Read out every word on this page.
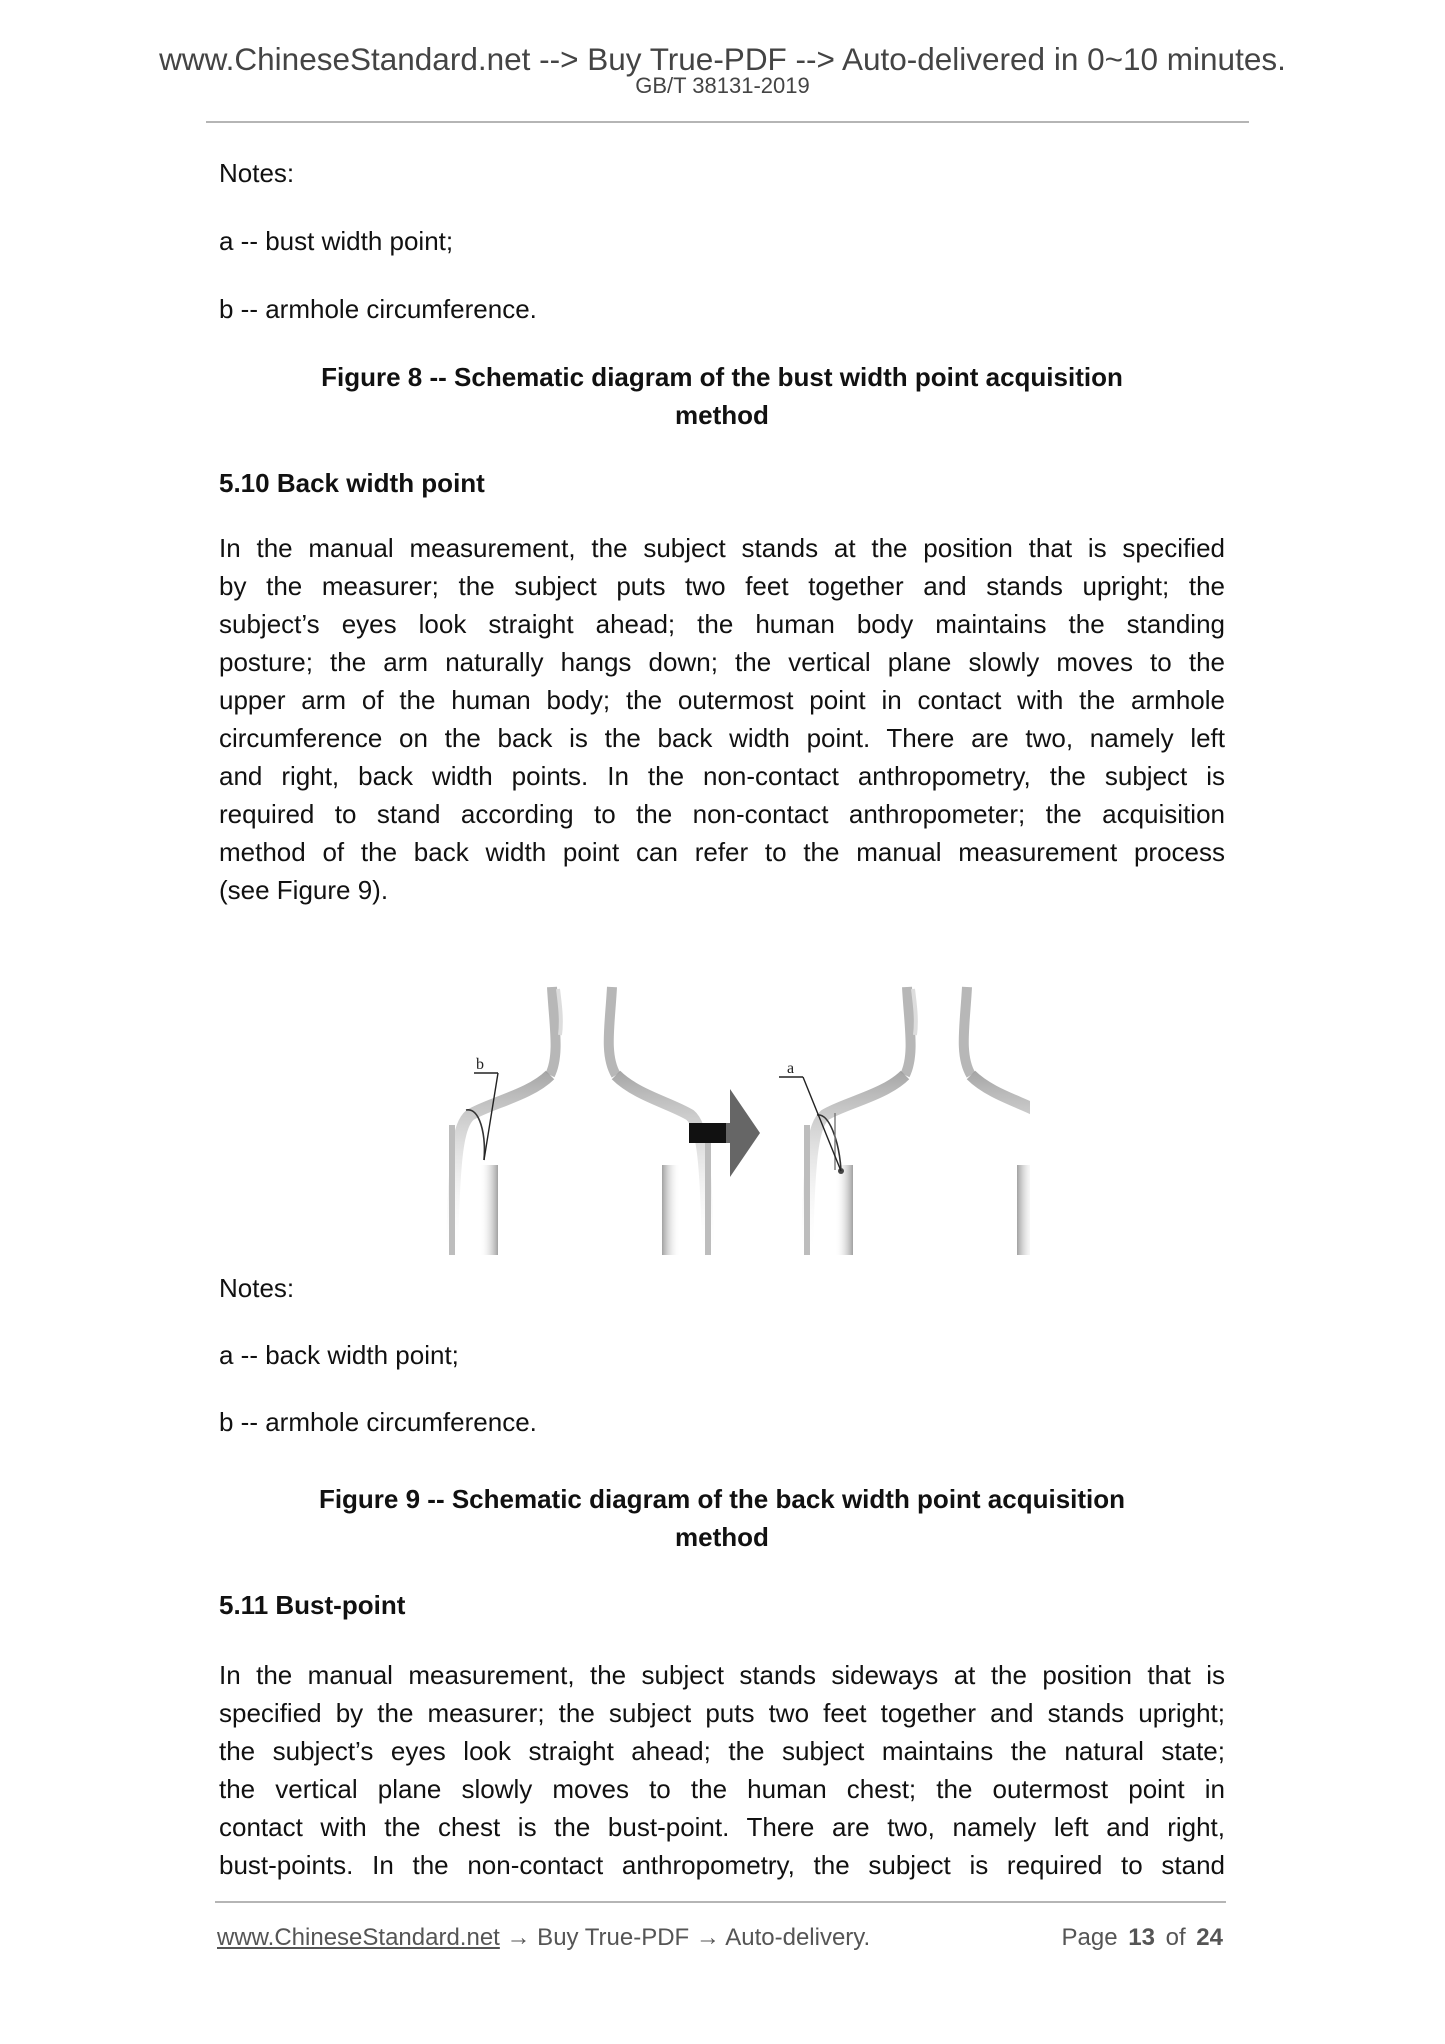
www.ChineseStandard.net --> Buy True-PDF --> Auto-delivered in 0~10 minutes.
GB/T 38131-2019
Notes:
a -- bust width point;
b -- armhole circumference.
Figure 8 -- Schematic diagram of the bust width point acquisition
method
5.10 Back width point
In the manual measurement, the subject stands at the position that is specified
by the measurer; the subject puts two feet together and stands upright; the
subject’s eyes look straight ahead; the human body maintains the standing
posture; the arm naturally hangs down; the vertical plane slowly moves to the
upper arm of the human body; the outermost point in contact with the armhole
circumference on the back is the back width point. There are two, namely left
and right, back width points. In the non-contact anthropometry, the subject is
required to stand according to the non-contact anthropometer; the acquisition
method of the back width point can refer to the manual measurement process
(see Figure 9).
b	a
Notes:
a -- back width point;
b -- armhole circumference.
Figure 9 -- Schematic diagram of the back width point acquisition
method
5.11 Bust-point
In the manual measurement, the subject stands sideways at the position that is
specified by the measurer; the subject puts two feet together and stands upright;
the subject’s eyes look straight ahead; the subject maintains the natural state;
the vertical plane slowly moves to the human chest; the outermost point in
contact with the chest is the bust-point. There are two, namely left and right,
bust-points. In the non-contact anthropometry, the subject is required to stand
www.ChineseStandard.net → Buy True-PDF → Auto-delivery.	Page 13 of 24
